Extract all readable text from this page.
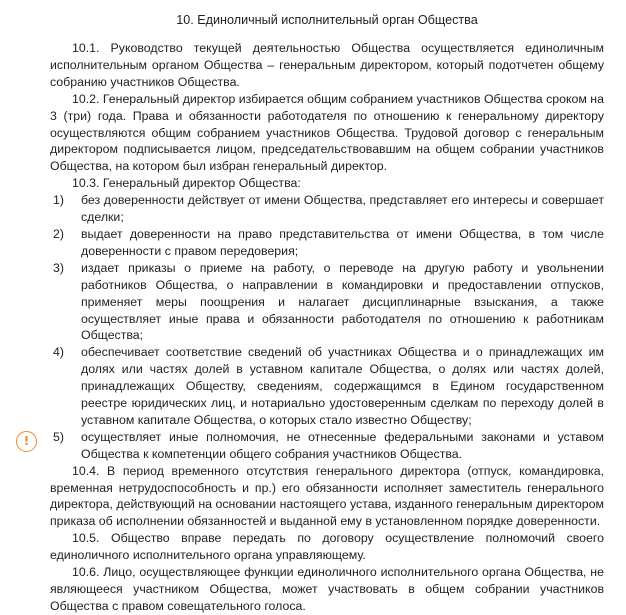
!
10. Единоличный исполнительный орган Общества

10.1. Руководство текущей деятельностью Общества осуществляется единоличным исполнительным органом Общества – генеральным директором, который подотчетен общему собранию участников Общества.

10.2. Генеральный директор избирается общим собранием участников Общества сроком на 3 (три) года. Права и обязанности работодателя по отношению к генеральному директору осуществляются общим собранием участников Общества. Трудовой договор с генеральным директором подписывается лицом, председательствовавшим на общем собрании участников Общества, на котором был избран генеральный директор.

10.3. Генеральный директор Общества:

1) без доверенности действует от имени Общества, представляет его интересы и совершает сделки;
2) выдает доверенности на право представительства от имени Общества, в том числе доверенности с правом передоверия;
3) издает приказы о приеме на работу, о переводе на другую работу и увольнении работников Общества, о направлении в командировки и предоставлении отпусков, применяет меры поощрения и налагает дисциплинарные взыскания, а также осуществляет иные права и обязанности работодателя по отношению к работникам Общества;
4) обеспечивает соответствие сведений об участниках Общества и о принадлежащих им долях или частях долей в уставном капитале Общества, о долях или частях долей, принадлежащих Обществу, сведениям, содержащимся в Едином государственном реестре юридических лиц, и нотариально удостоверенным сделкам по переходу долей в уставном капитале Общества, о которых стало известно Обществу;
5) осуществляет иные полномочия, не отнесенные федеральными законами и уставом Общества к компетенции общего собрания участников Общества.

10.4. В период временного отсутствия генерального директора (отпуск, командировка, временная нетрудоспособность и пр.) его обязанности исполняет заместитель генерального директора, действующий на основании настоящего устава, изданного генеральным директором приказа об исполнении обязанностей и выданной ему в установленном порядке доверенности.

10.5. Общество вправе передать по договору осуществление полномочий своего единоличного исполнительного органа управляющему.

10.6. Лицо, осуществляющее функции единоличного исполнительного органа Общества, не являющееся участником Общества, может участвовать в общем собрании участников Общества с правом совещательного голоса.
